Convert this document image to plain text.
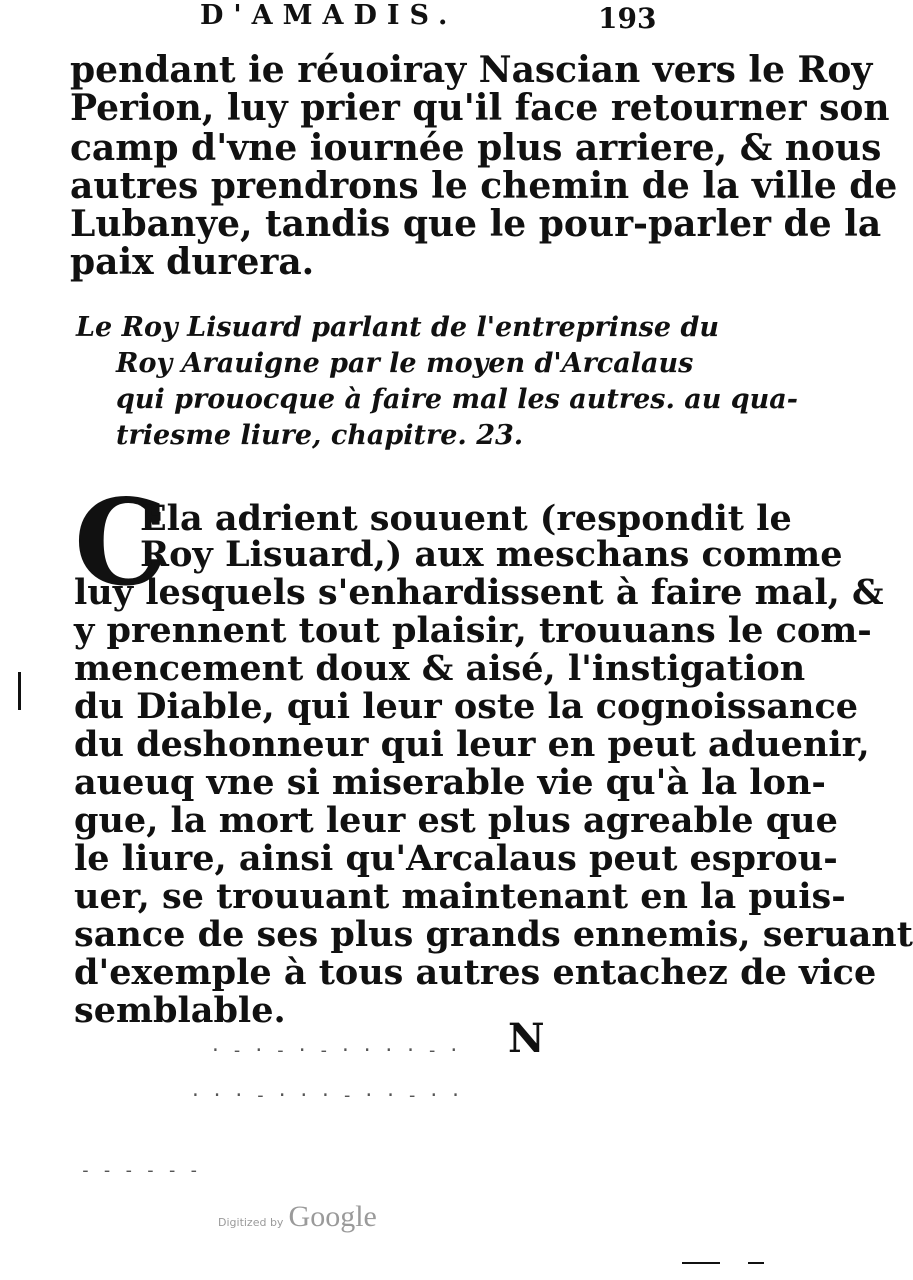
D'AMADIS.	193
pendant ie réuoiray Nascian vers le Roy
Perion, luy prier qu'il face retourner son
camp d'vne iournée plus arriere, & nous
autres prendrons le chemin de la ville de
Lubanye, tandis que le pour-parler de la
paix durera.
Le Roy Lisuard parlant de l'entreprinse du
Roy Arauigne par le moyen d'Arcalaus
qui prouocque à faire mal les autres. au qua-
triesme liure, chapitre. 23.
C
Ela adrient souuent (respondit le
Roy Lisuard,) aux meschans comme
luy lesquels s'enhardissent à faire mal, &
y prennent tout plaisir, trouuans le com-
mencement doux & aisé, l'instigation
du Diable, qui leur oste la cognoissance
du deshonneur qui leur en peut aduenir,
aueuq vne si miserable vie qu'à la lon-
gue, la mort leur est plus agreable que
le liure, ainsi qu'Arcalaus peut esprou-
uer, se trouuant maintenant en la puis-
sance de ses plus grands ennemis, seruant
d'exemple à tous autres entachez de vice
semblable.
N
· - · - · - · · · · - ·
· · · - · · · - · · - · ·
- - - - - -
Digitized by Google
